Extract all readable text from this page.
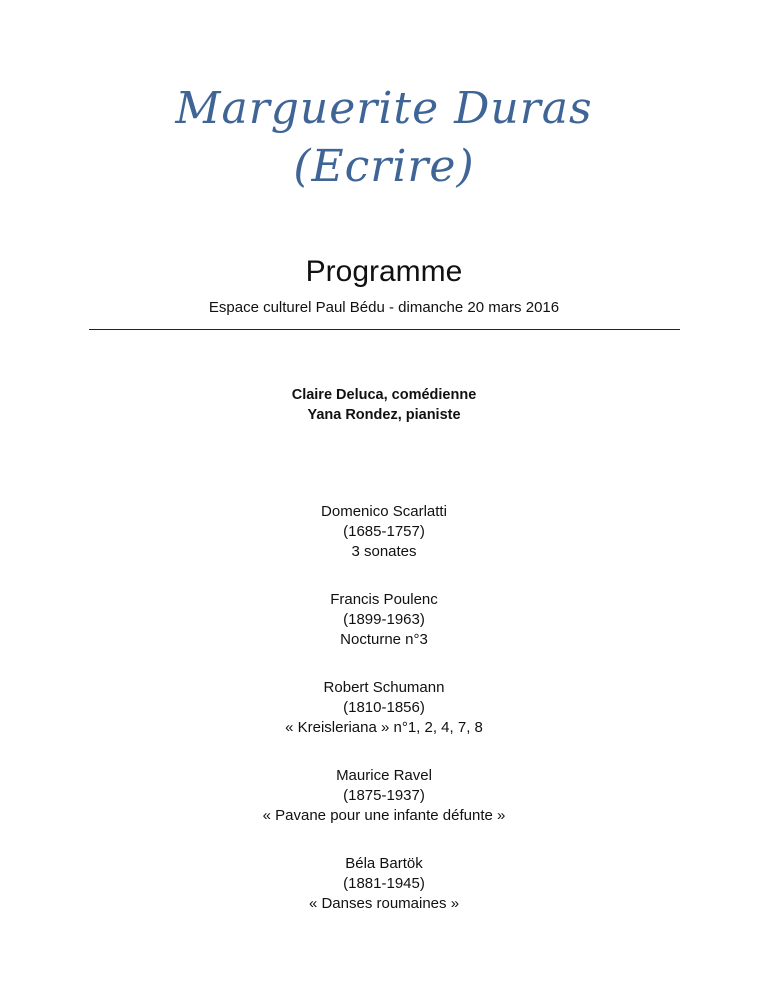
Marguerite Duras
(Ecrire)
Programme
Espace culturel Paul Bédu - dimanche 20 mars 2016
Claire Deluca, comédienne
Yana Rondez, pianiste
Domenico Scarlatti
(1685-1757)
3 sonates
Francis Poulenc
(1899-1963)
Nocturne n°3
Robert Schumann
(1810-1856)
« Kreisleriana » n°1, 2, 4, 7, 8
Maurice Ravel
(1875-1937)
« Pavane pour une infante défunte »
Béla Bartök
(1881-1945)
« Danses roumaines »
